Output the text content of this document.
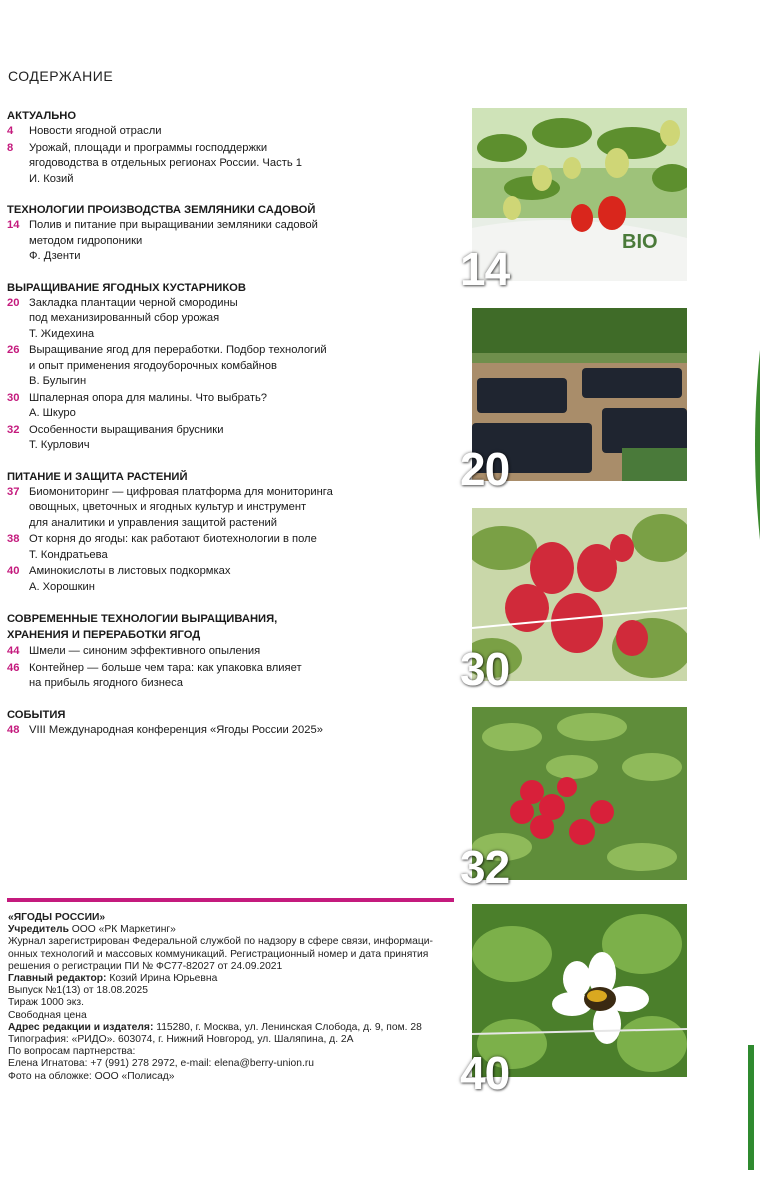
СОДЕРЖАНИЕ
АКТУАЛЬНО
4	Новости ягодной отрасли
8	Урожай, площади и программы господдержки
ягодоводства в отдельных регионах России. Часть 1
И. Козий
ТЕХНОЛОГИИ ПРОИЗВОДСТВА ЗЕМЛЯНИКИ САДОВОЙ
14 Полив и питание при выращивании земляники садовой
методом гидропоники
Ф. Дзенти
ВЫРАЩИВАНИЕ ЯГОДНЫХ КУСТАРНИКОВ
20 Закладка плантации черной смородины
под механизированный сбор урожая
Т. Жидехина
26 Выращивание ягод для переработки. Подбор технологий
и опыт применения ягодоуборочных комбайнов
В. Булыгин
30 Шпалерная опора для малины. Что выбрать?
А. Шкуро
32 Особенности выращивания брусники
Т. Курлович
ПИТАНИЕ И ЗАЩИТА РАСТЕНИЙ
37 Биомониторинг — цифровая платформа для мониторинга
овощных, цветочных и ягодных культур и инструмент
для аналитики и управления защитой растений
38 От корня до ягоды: как работают биотехнологии в поле
Т. Кондратьева
40 Аминокислоты в листовых подкормках
А. Хорошкин
СОВРЕМЕННЫЕ ТЕХНОЛОГИИ ВЫРАЩИВАНИЯ,
ХРАНЕНИЯ И ПЕРЕРАБОТКИ ЯГОД
44 Шмели — синоним эффективного опыления
46 Контейнер — больше чем тара: как упаковка влияет
на прибыль ягодного бизнеса
СОБЫТИЯ
48 VIII Международная конференция «Ягоды России 2025»
BIO
14
20
30
32
40
«ЯГОДЫ РОССИИ»
Учредитель ООО «РК Маркетинг»
Журнал зарегистрирован Федеральной службой по надзору в сфере связи, информаци-
онных технологий и массовых коммуникаций. Регистрационный номер и дата принятия
решения о регистрации ПИ № ФС77-82027 от 24.09.2021
Главный редактор: Козий Ирина Юрьевна
Выпуск №1(13) от 18.08.2025
Тираж 1000 экз.
Свободная цена
Адрес редакции и издателя: 115280, г. Москва, ул. Ленинская Слобода, д. 9, пом. 28
Типография: «РИДО». 603074, г. Нижний Новгород, ул. Шаляпина, д. 2А
По вопросам партнерства:
Елена Игнатова: +7 (991) 278 2972, e-mail: elena@berry-union.ru
Фото на обложке: ООО «Полисад»
